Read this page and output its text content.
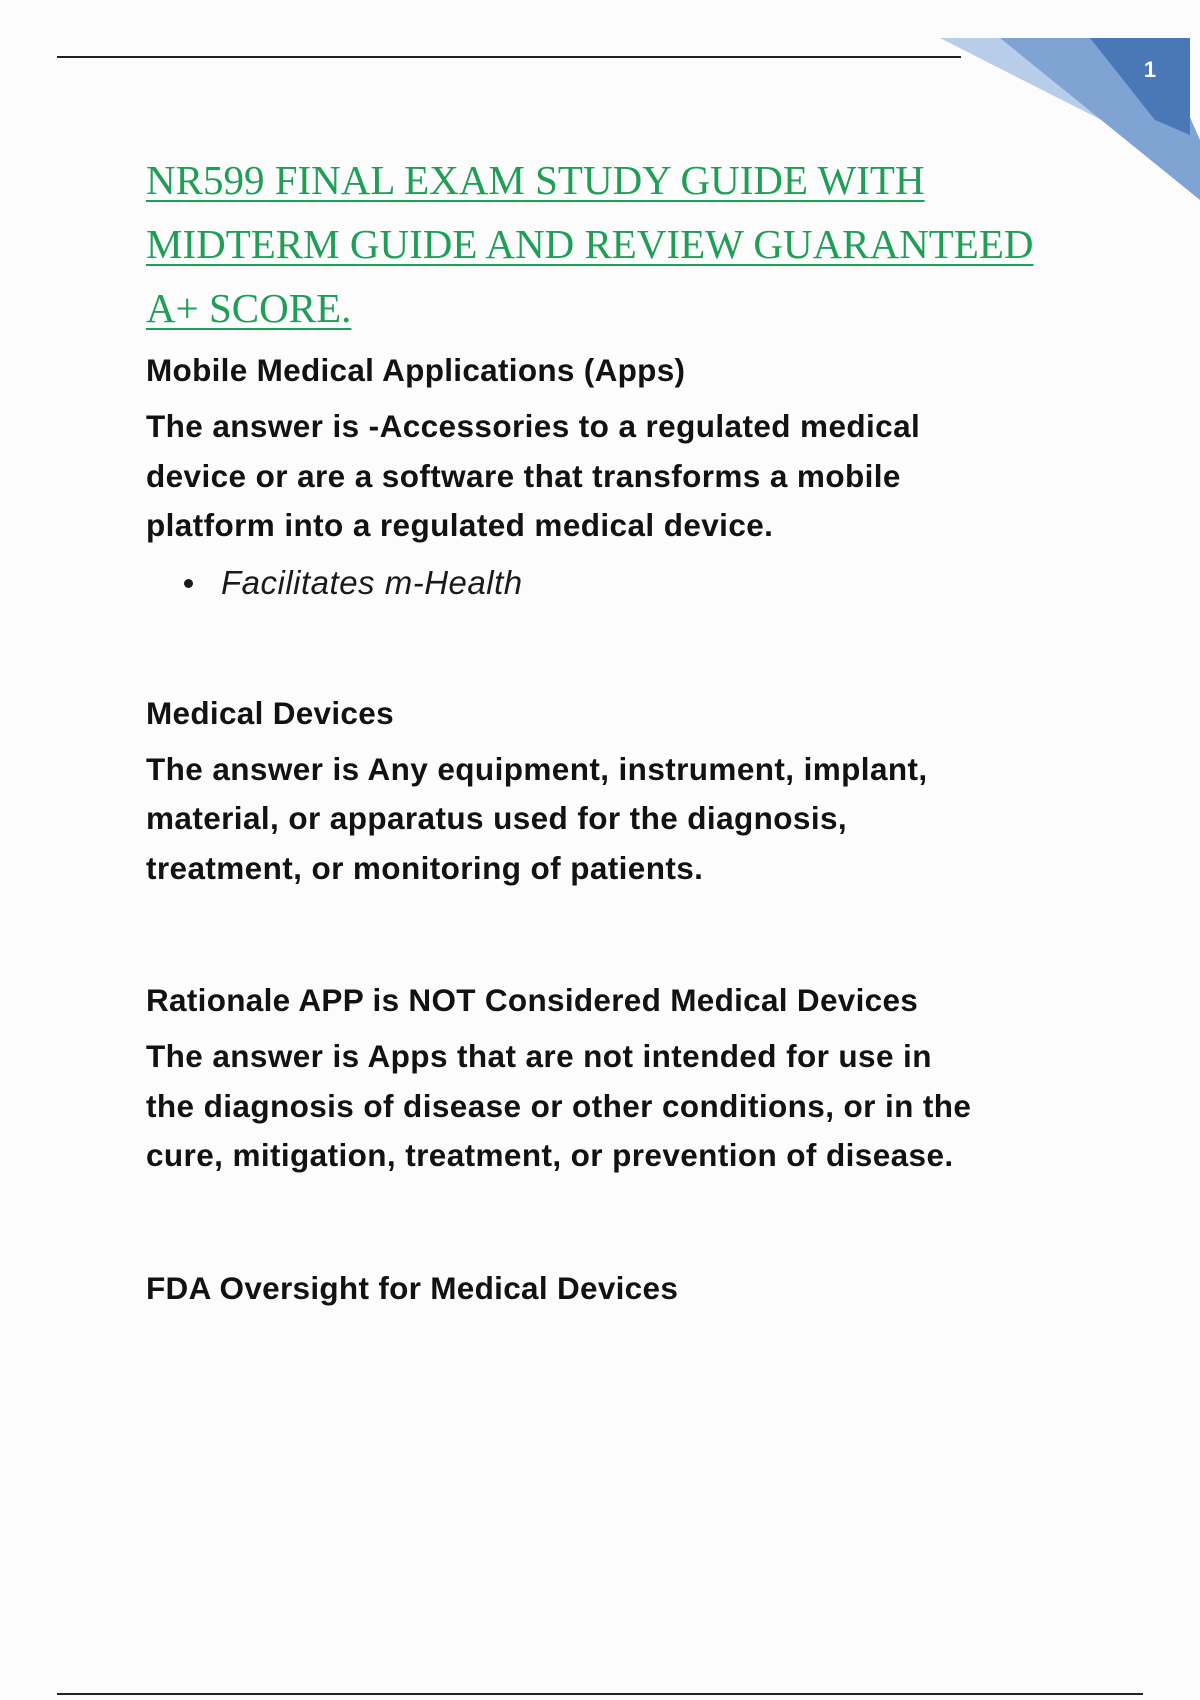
1
NR599 FINAL EXAM STUDY GUIDE WITH
MIDTERM GUIDE AND REVIEW GUARANTEED
A+ SCORE.
Mobile Medical Applications (Apps)

The answer is -Accessories to a regulated medical
device or are a software that transforms a mobile
platform into a regulated medical device.

Facilitates m-Health
Medical Devices

The answer is Any equipment, instrument, implant,
material, or apparatus used for the diagnosis,
treatment, or monitoring of patients.

Rationale APP is NOT Considered Medical Devices

The answer is Apps that are not intended for use in
the diagnosis of disease or other conditions, or in the
cure, mitigation, treatment, or prevention of disease.

FDA Oversight for Medical Devices
